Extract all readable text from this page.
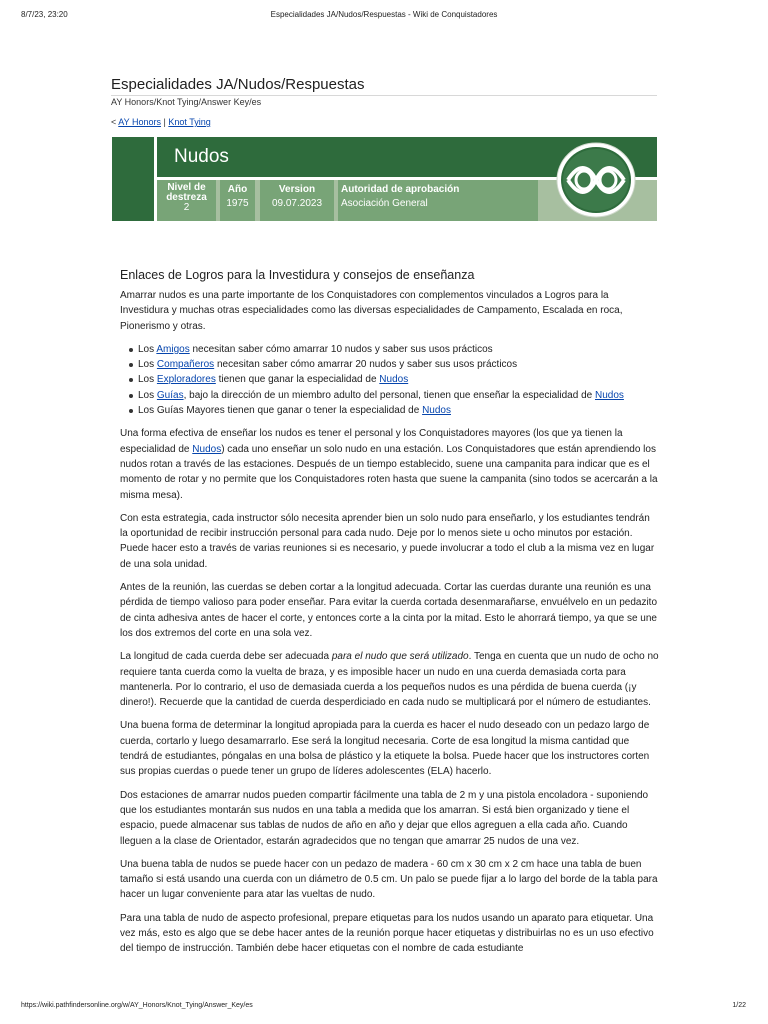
8/7/23, 23:20	Especialidades JA/Nudos/Respuestas - Wiki de Conquistadores
Especialidades JA/Nudos/Respuestas
AY Honors/Knot Tying/Answer Key/es
< AY Honors | Knot Tying
Nudos
Nivel de
destreza
2
Año
1975
Version
09.07.2023
Autoridad de aprobación
Asociación General
Enlaces de Logros para la Investidura y consejos de enseñanza

Amarrar nudos es una parte importante de los Conquistadores con complementos vinculados a Logros para la Investidura y muchas otras especialidades como las diversas especialidades de Campamento, Escalada en roca, Pionerismo y otras.

Los Amigos necesitan saber cómo amarrar 10 nudos y saber sus usos prácticos
Los Compañeros necesitan saber cómo amarrar 20 nudos y saber sus usos prácticos
Los Exploradores tienen que ganar la especialidad de Nudos
Los Guías, bajo la dirección de un miembro adulto del personal, tienen que enseñar la especialidad de Nudos
Los Guías Mayores tienen que ganar o tener la especialidad de Nudos

Una forma efectiva de enseñar los nudos es tener el personal y los Conquistadores mayores (los que ya tienen la especialidad de Nudos) cada uno enseñar un solo nudo en una estación. Los Conquistadores que están aprendiendo los nudos rotan a través de las estaciones. Después de un tiempo establecido, suene una campanita para indicar que es el momento de rotar y no permite que los Conquistadores roten hasta que suene la campanita (sino todos se acercarán a la misma mesa).

Con esta estrategia, cada instructor sólo necesita aprender bien un solo nudo para enseñarlo, y los estudiantes tendrán la oportunidad de recibir instrucción personal para cada nudo. Deje por lo menos siete u ocho minutos por estación. Puede hacer esto a través de varias reuniones si es necesario, y puede involucrar a todo el club a la misma vez en lugar de una sola unidad.

Antes de la reunión, las cuerdas se deben cortar a la longitud adecuada. Cortar las cuerdas durante una reunión es una pérdida de tiempo valioso para poder enseñar. Para evitar la cuerda cortada desenmarañarse, envuélvelo en un pedazito de cinta adhesiva antes de hacer el corte, y entonces corte a la cinta por la mitad. Esto le ahorrará tiempo, ya que se une los dos extremos del corte en una sola vez.

La longitud de cada cuerda debe ser adecuada para el nudo que será utilizado. Tenga en cuenta que un nudo de ocho no requiere tanta cuerda como la vuelta de braza, y es imposible hacer un nudo en una cuerda demasiada corta para mantenerla. Por lo contrario, el uso de demasiada cuerda a los pequeños nudos es una pérdida de buena cuerda (¡y dinero!). Recuerde que la cantidad de cuerda desperdiciado en cada nudo se multiplicará por el número de estudiantes.

Una buena forma de determinar la longitud apropiada para la cuerda es hacer el nudo deseado con un pedazo largo de cuerda, cortarlo y luego desamarrarlo. Ese será la longitud necesaria. Corte de esa longitud la misma cantidad que tendrá de estudiantes, póngalas en una bolsa de plástico y la etiquete la bolsa. Puede hacer que los instructores corten sus propias cuerdas o puede tener un grupo de líderes adolescentes (ELA) hacerlo.

Dos estaciones de amarrar nudos pueden compartir fácilmente una tabla de 2 m y una pistola encoladora - suponiendo que los estudiantes montarán sus nudos en una tabla a medida que los amarran. Si está bien organizado y tiene el espacio, puede almacenar sus tablas de nudos de año en año y dejar que ellos agreguen a ella cada año. Cuando lleguen a la clase de Orientador, estarán agradecidos que no tengan que amarrar 25 nudos de una vez.

Una buena tabla de nudos se puede hacer con un pedazo de madera - 60 cm x 30 cm x 2 cm hace una tabla de buen tamaño si está usando una cuerda con un diámetro de 0.5 cm. Un palo se puede fijar a lo largo del borde de la tabla para hacer un lugar conveniente para atar las vueltas de nudo.

Para una tabla de nudo de aspecto profesional, prepare etiquetas para los nudos usando un aparato para etiquetar. Una vez más, esto es algo que se debe hacer antes de la reunión porque hacer etiquetas y distribuirlas no es un uso efectivo del tiempo de instrucción. También debe hacer etiquetas con el nombre de cada estudiante

https://wiki.pathfindersonline.org/w/AY_Honors/Knot_Tying/Answer_Key/es	1/22
